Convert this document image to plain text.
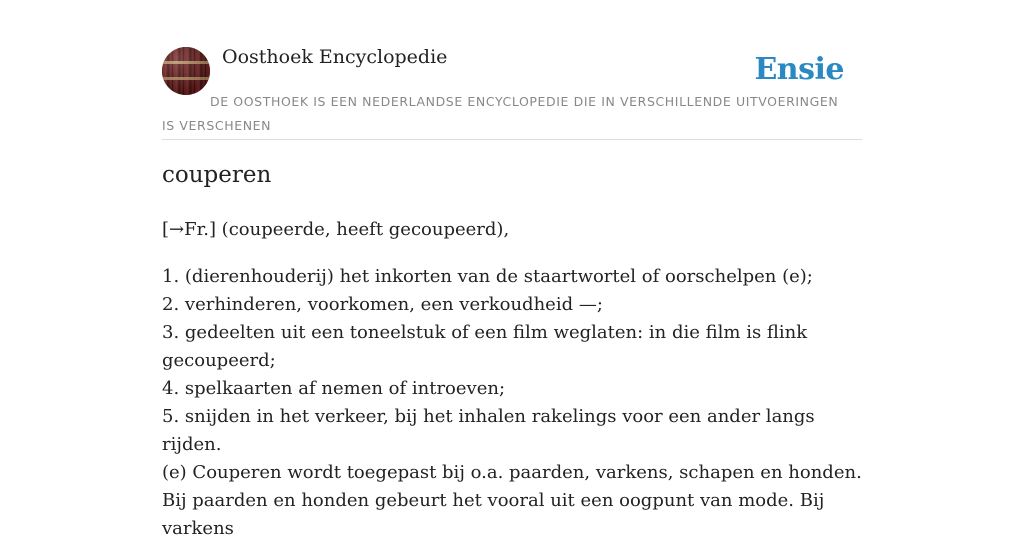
Oosthoek Encyclopedie	Ensie
DE OOSTHOEK IS EEN NEDERLANDSE ENCYCLOPEDIE DIE IN VERSCHILLENDE UITVOERINGEN IS VERSCHENEN
couperen
[→Fr.] (coupeerde, heeft gecoupeerd),
1. (dierenhouderij) het inkorten van de staartwortel of oorschelpen (e);
2. verhinderen, voorkomen, een verkoudheid —;
3. gedeelten uit een toneelstuk of een film weglaten: in die film is flink gecoupeerd;
4. spelkaarten af nemen of introeven;
5. snijden in het verkeer, bij het inhalen rakelings voor een ander langs rijden.

(e) Couperen wordt toegepast bij o.a. paarden, varkens, schapen en honden. Bij paarden en honden gebeurt het vooral uit een oogpunt van mode. Bij varkens
